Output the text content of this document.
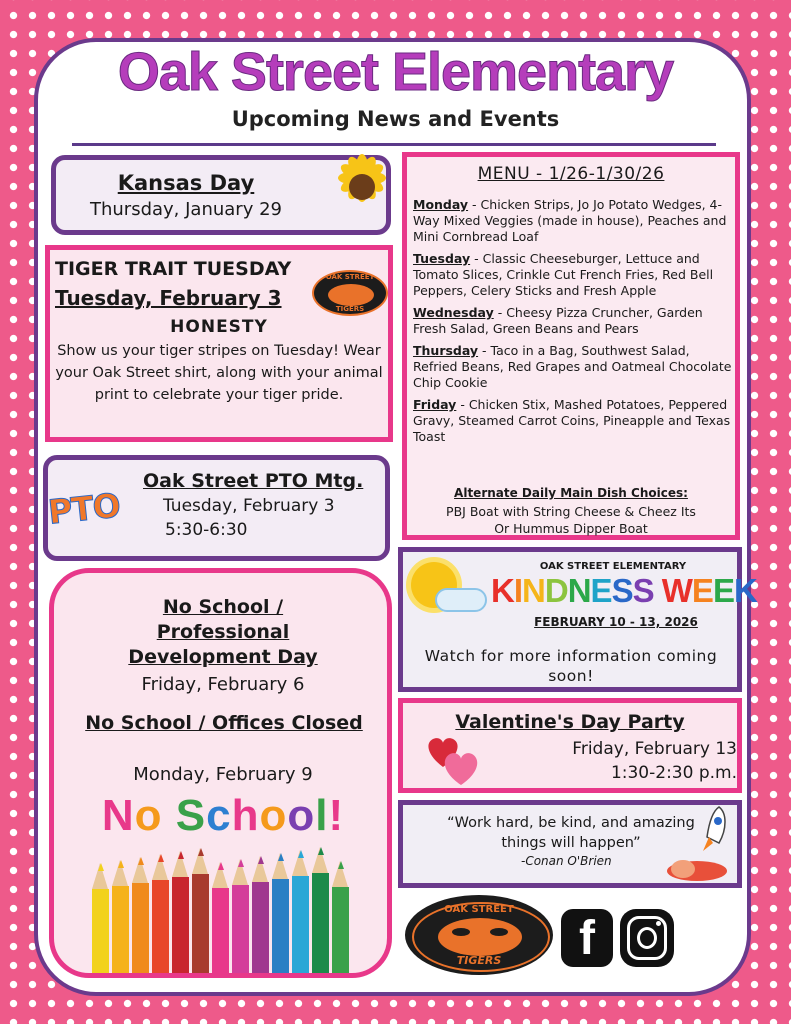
Oak Street Elementary
Upcoming News and Events
Kansas Day
Thursday, January 29
TIGER TRAIT TUESDAY
Tuesday, February 3
HONESTY
Show us your tiger stripes on Tuesday! Wear your Oak Street shirt, along with your animal print to celebrate your tiger pride.
OAK STREET
TIGERS
Oak Street PTO Mtg.
Tuesday, February 3
5:30-6:30
PTO
No School / Professional Development Day
Friday, February 6
No School / Offices Closed
Monday, February 9
No School!
MENU - 1/26-1/30/26

Monday - Chicken Strips, Jo Jo Potato Wedges, 4-Way Mixed Veggies (made in house), Peaches and Mini Cornbread Loaf

Tuesday - Classic Cheeseburger, Lettuce and Tomato Slices, Crinkle Cut French Fries, Red Bell Peppers, Celery Sticks and Fresh Apple

Wednesday - Cheesy Pizza Cruncher, Garden Fresh Salad, Green Beans and Pears

Thursday - Taco in a Bag, Southwest Salad, Refried Beans, Red Grapes and Oatmeal Chocolate Chip Cookie

Friday - Chicken Stix, Mashed Potatoes, Peppered Gravy, Steamed Carrot Coins, Pineapple and Texas Toast

Alternate Daily Main Dish Choices:
PBJ Boat with String Cheese & Cheez Its
Or Hummus Dipper Boat
OAK STREET ELEMENTARY
KINDNESS WEEK
FEBRUARY 10 - 13, 2026
Watch for more information coming soon!
Valentine's Day Party
Friday, February 13
1:30-2:30 p.m.
“Work hard, be kind, and amazing things will happen”
-Conan O'Brien
OAK STREET
TIGERS	f
